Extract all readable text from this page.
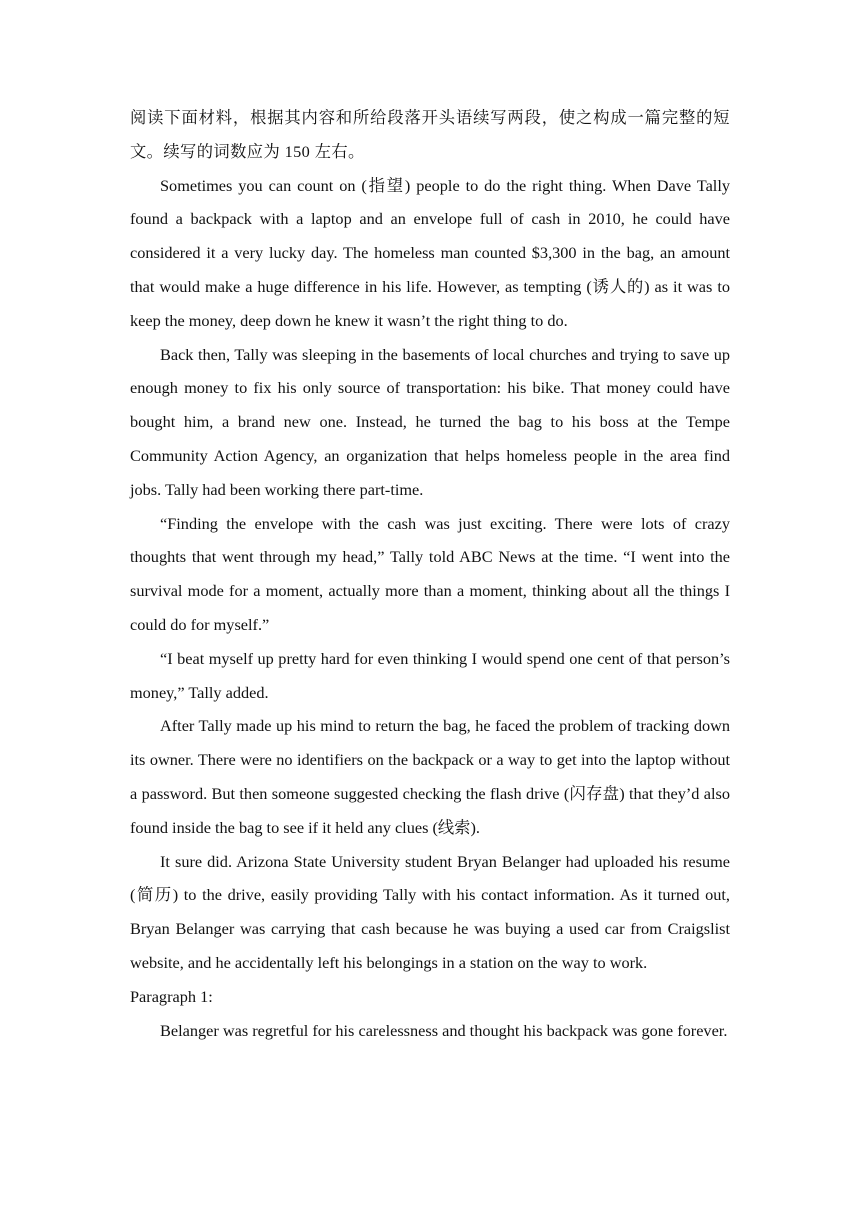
阅读下面材料，根据其内容和所给段落开头语续写两段，使之构成一篇完整的短文。续写的词数应为 150 左右。

Sometimes you can count on (指望) people to do the right thing. When Dave Tally found a backpack with a laptop and an envelope full of cash in 2010, he could have considered it a very lucky day. The homeless man counted $3,300 in the bag, an amount that would make a huge difference in his life. However, as tempting (诱人的) as it was to keep the money, deep down he knew it wasn’t the right thing to do.

Back then, Tally was sleeping in the basements of local churches and trying to save up enough money to fix his only source of transportation: his bike. That money could have bought him, a brand new one. Instead, he turned the bag to his boss at the Tempe Community Action Agency, an organization that helps homeless people in the area find jobs. Tally had been working there part-time.

“Finding the envelope with the cash was just exciting. There were lots of crazy thoughts that went through my head,” Tally told ABC News at the time. “I went into the survival mode for a moment, actually more than a moment, thinking about all the things I could do for myself.”

“I beat myself up pretty hard for even thinking I would spend one cent of that person’s money,” Tally added.

After Tally made up his mind to return the bag, he faced the problem of tracking down its owner. There were no identifiers on the backpack or a way to get into the laptop without a password. But then someone suggested checking the flash drive (闪存盘) that they’d also found inside the bag to see if it held any clues (线索).

It sure did. Arizona State University student Bryan Belanger had uploaded his resume (简历) to the drive, easily providing Tally with his contact information. As it turned out, Bryan Belanger was carrying that cash because he was buying a used car from Craigslist website, and he accidentally left his belongings in a station on the way to work.

Paragraph 1:

Belanger was regretful for his carelessness and thought his backpack was gone forever.
